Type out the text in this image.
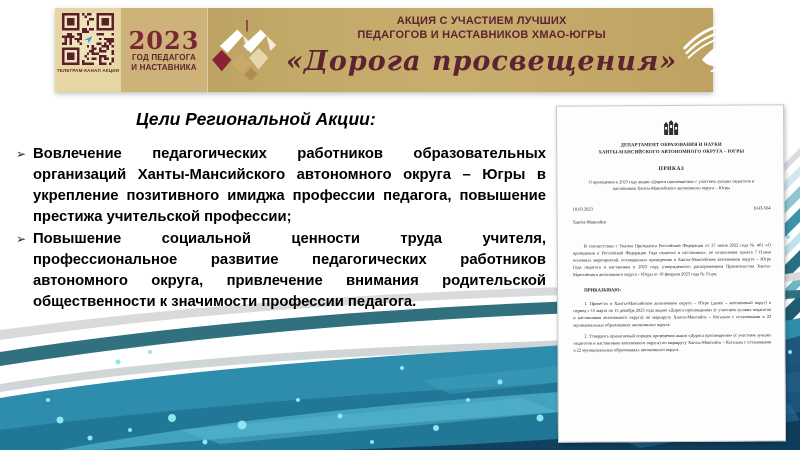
ТЕЛЕГРАМ-КАНАЛ АКЦИИ
2023
ГОД ПЕДАГОГА
И НАСТАВНИКА
АКЦИЯ С УЧАСТИЕМ ЛУЧШИХ
ПЕДАГОГОВ И НАСТАВНИКОВ ХМАО-ЮГРЫ
«Дорога просвещения»
Цели Региональной Акции:
➢ Вовлечение педагогических работников образовательных организаций Ханты-Мансийского автономного округа – Югры в укрепление позитивного имиджа профессии педагога, повышение престижа учительской профессии;
➢ Повышение социальной ценности труда учителя, профессиональное развитие педагогических работников автономного округа, привлечение внимания родительской общественности к значимости профессии педагога.
ДЕПАРТАМЕНТ ОБРАЗОВАНИЯ И НАУКИ
ХАНТЫ-МАНСИЙСКОГО АВТОНОМНОГО ОКРУГА – ЮГРЫ
ПРИКАЗ
О проведении в 2023 году акции «Дорога просвещения» с участием лучших педагогов и наставников Ханты-Мансийского автономного округа – Югры
10.03.2023	10-П-564
Ханты-Мансийск

В соответствии с Указом Президента Российской Федерации от 27 июня 2022 года № 401 «О проведении в Российской Федерации Года педагога и наставника», во исполнение пункта 7 Плана основных мероприятий, посвященных проведению в Ханты-Мансийском автономном округе – Югре Года педагога и наставника в 2023 году, утвержденного распоряжением Правительства Ханты-Мансийского автономного округа – Югры от 10 февраля 2023 года № 51-рп,

ПРИКАЗЫВАЮ:

1. Провести в Ханты-Мансийском автономном округе – Югре (далее – автономный округ) в период с 15 марта по 15 декабря 2023 года акцию «Дорога просвещения» (с участием лучших педагогов и наставников автономного округа) по маршруту Ханты-Мансийск – Когалым с остановками в 22 муниципальных образованиях автономного округа.

2. Утвердить прилагаемый порядок проведения акции «Дорога просвещения» (с участием лучших педагогов и наставников автономного округа) по маршруту Ханты-Мансийск – Когалым с остановками в 22 муниципальных образованиях автономного округа.
